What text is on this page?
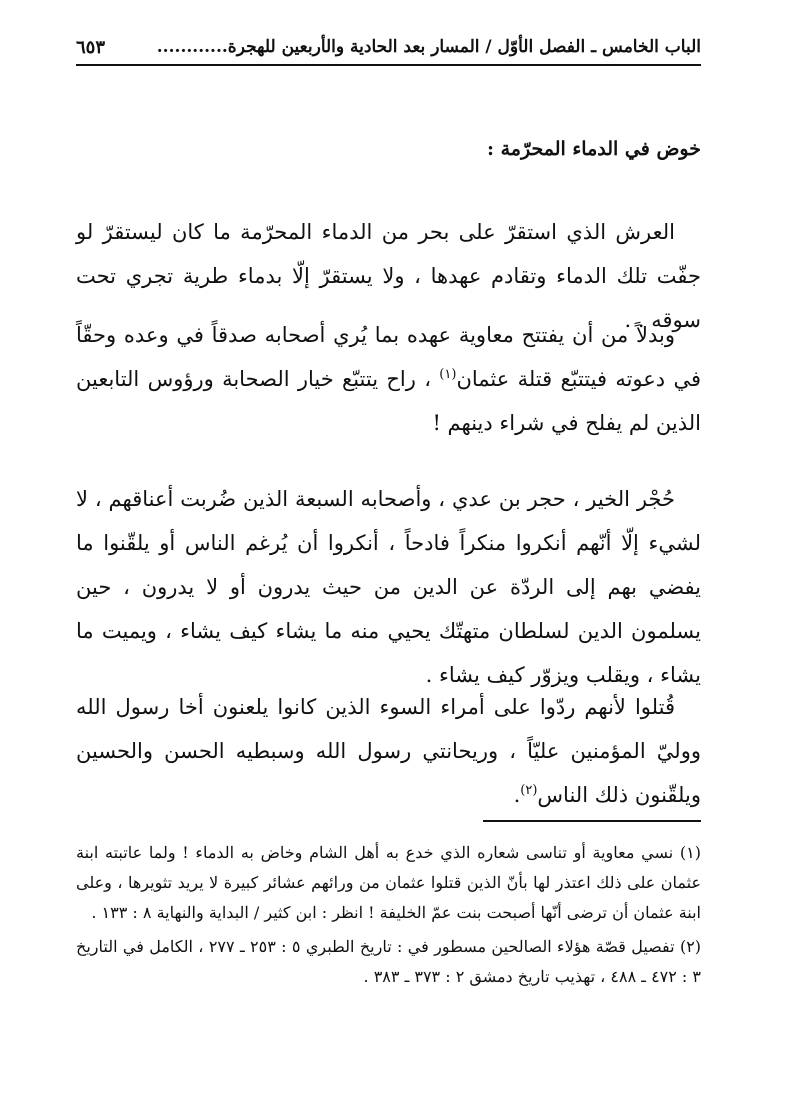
الباب الخامس ـ الفصل الأوّل / المسار بعد الحادية والأربعين للهجرة............
٦٥٣
خوض في الدماء المحرّمة :

العرش الذي استقرّ على بحر من الدماء المحرّمة ما كان ليستقرّ لو جفّت تلك الدماء وتقادم عهدها ، ولا يستقرّ إلّا بدماء طرية تجري تحت سوقه . .

وبدلاً من أن يفتتح معاوية عهده بما يُري أصحابه صدقاً في وعده وحقّاً في دعوته فيتتبّع قتلة عثمان$^{(١)}$ ، راح يتتبّع خيار الصحابة ورؤوس التابعين الذين لم يفلح في شراء دينهم !

حُجْر الخير ، حجر بن عدي ، وأصحابه السبعة الذين ضُربت أعناقهم ، لا لشيء إلّا أنّهم أنكروا منكراً فادحاً ، أنكروا أن يُرغم الناس أو يلقّنوا ما يفضي بهم إلى الردّة عن الدين من حيث يدرون أو لا يدرون ، حين يسلمون الدين لسلطان متهتّك يحيي منه ما يشاء كيف يشاء ، ويميت ما يشاء ، ويقلب ويزوّر كيف يشاء .

قُتلوا لأنهم ردّوا على أمراء السوء الذين كانوا يلعنون أخا رسول الله ووليّ المؤمنين عليّاً ، وريحانتي رسول الله وسبطيه الحسن والحسين ويلقّنون ذلك الناس$^{(٢)}$.

(١) نسي معاوية أو تناسى شعاره الذي خدع به أهل الشام وخاض به الدماء ! ولما عاتبته ابنة عثمان على ذلك اعتذر لها بأنّ الذين قتلوا عثمان من ورائهم عشائر كبيرة لا يريد تثويرها ، وعلى ابنة عثمان أن ترضى أنّها أصبحت بنت عمّ الخليفة ! انظر : ابن كثير / البداية والنهاية ٨ : ١٣٣ .

(٢) تفصيل قصّة هؤلاء الصالحين مسطور في : تاريخ الطبري ٥ : ٢٥٣ ـ ٢٧٧ ، الكامل في التاريخ ٣ : ٤٧٢ ـ ٤٨٨ ، تهذيب تاريخ دمشق ٢ : ٣٧٣ ـ ٣٨٣ .
